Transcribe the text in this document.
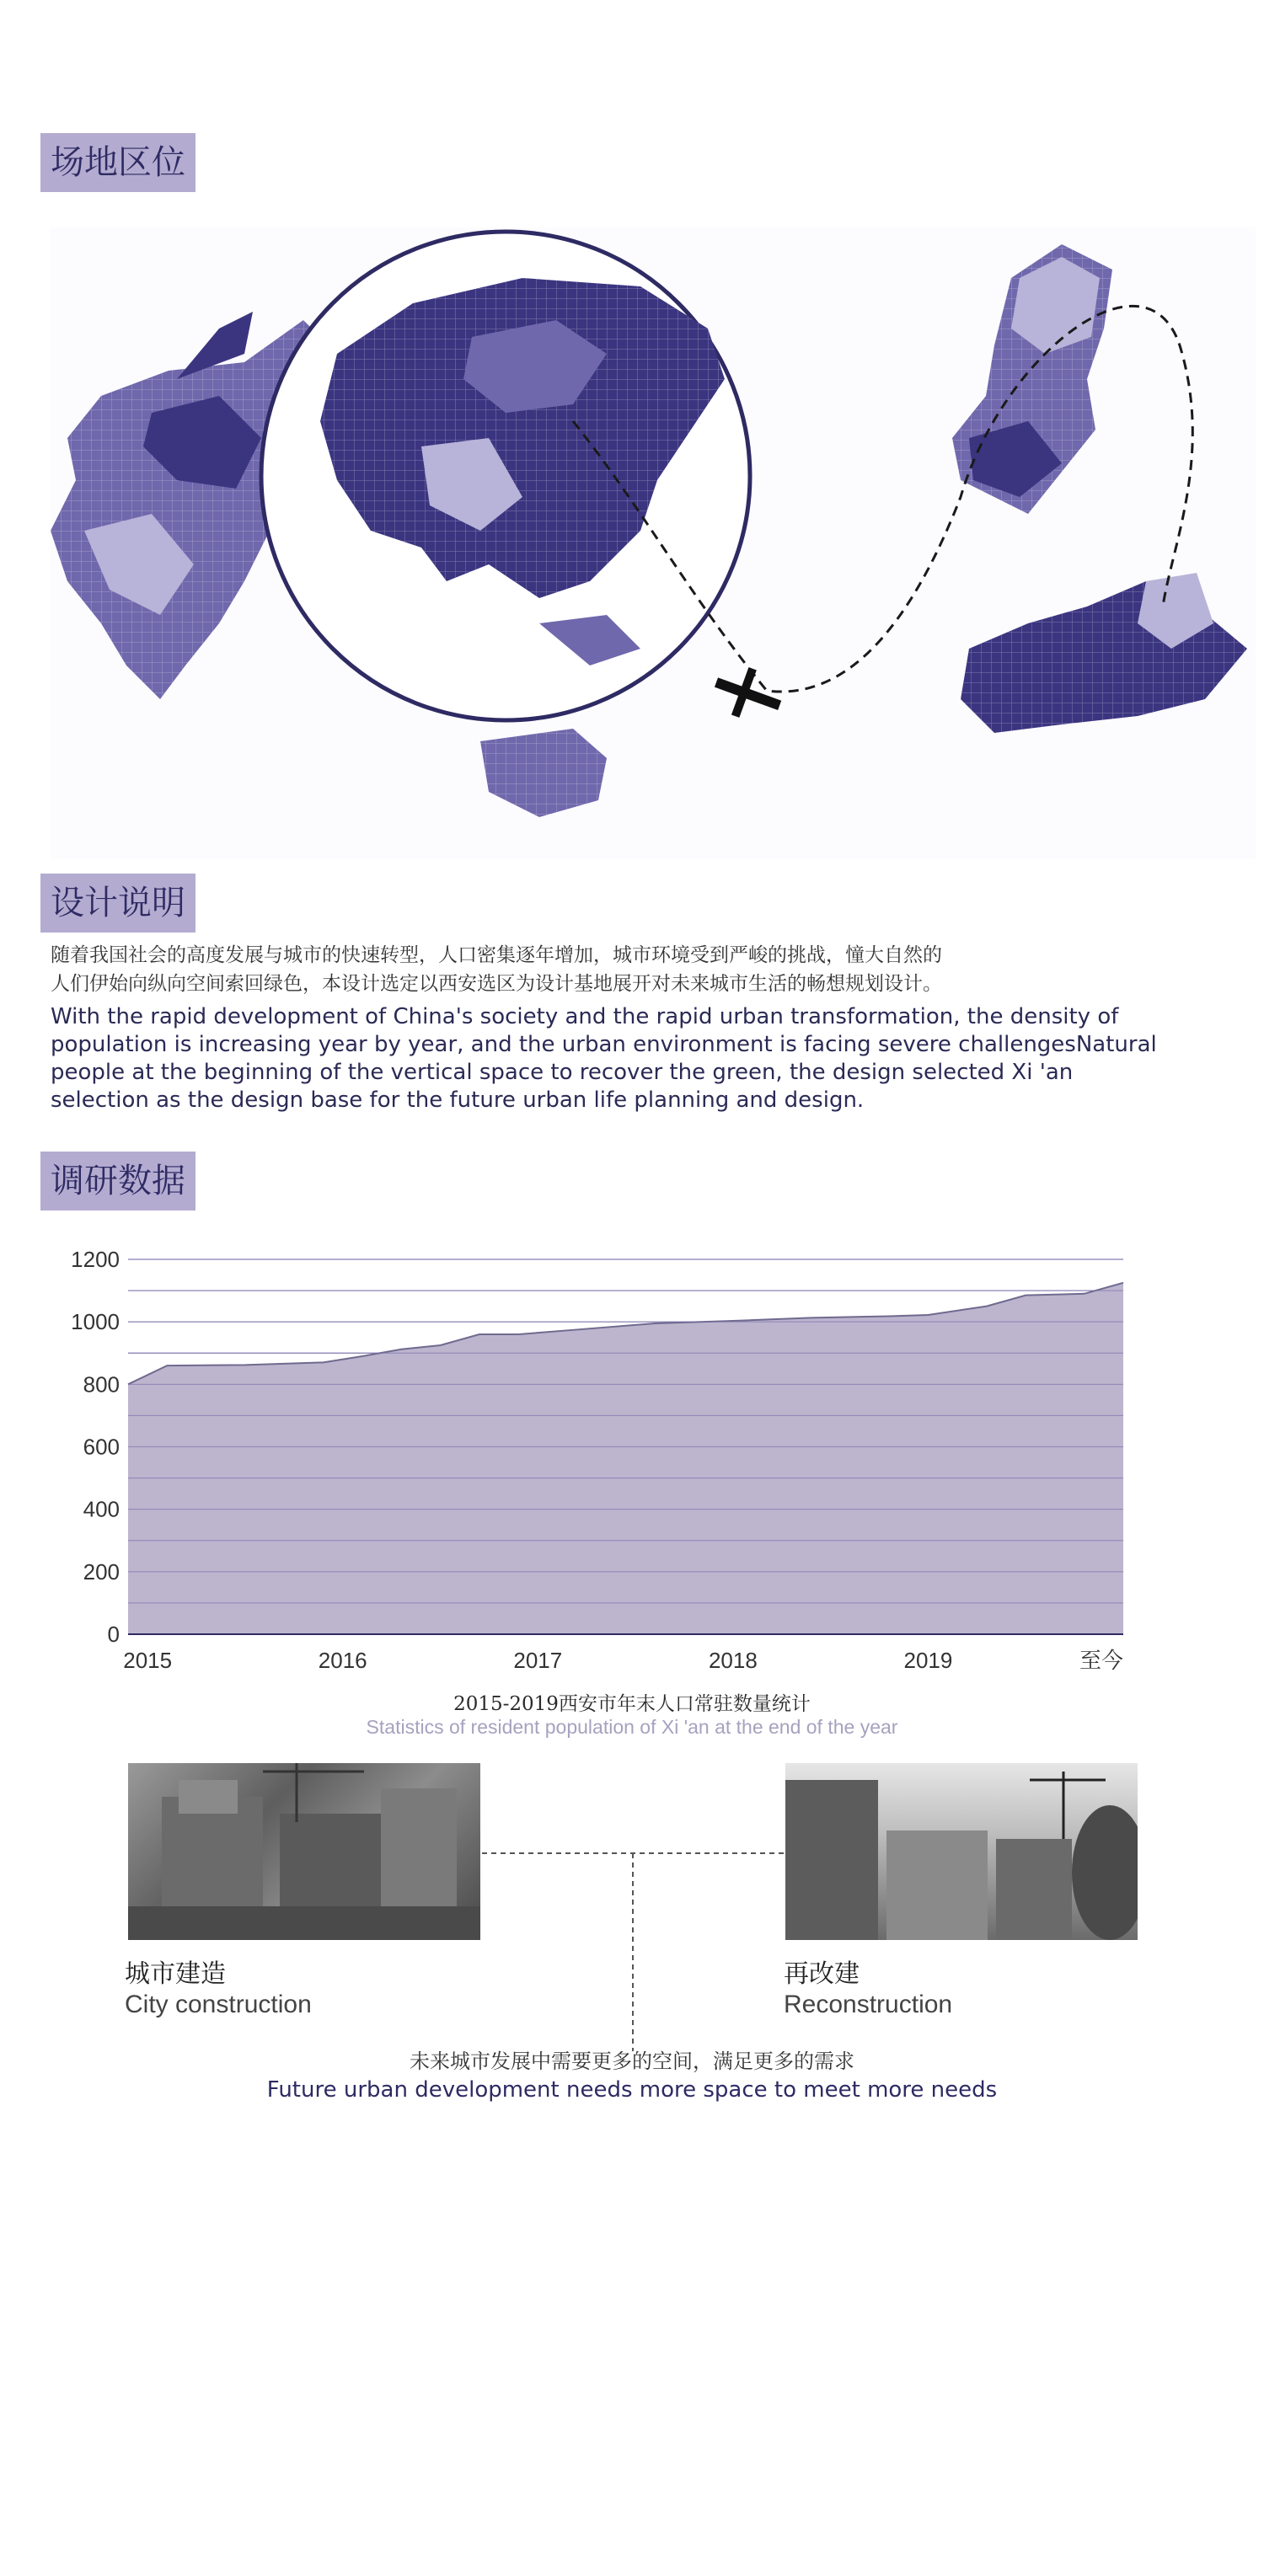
场地区位
设计说明

随着我国社会的高度发展与城市的快速转型，人口密集逐年增加，城市环境受到严峻的挑战，憧大自然的

人们伊始向纵向空间索回绿色，本设计选定以西安选区为设计基地展开对未来城市生活的畅想规划设计。

With the rapid development of China's society and the rapid urban transformation, the density of

population is increasing year by year, and the urban environment is facing severe challengesNatural

people at the beginning of the vertical space to recover the green, the design selected Xi 'an

selection as the design base for the future urban life planning and design.

调研数据
0
200
400
600
800
1000
1200
2015	2016	2017	2018	2019	至今
2015-2019西安市年末人口常驻数量统计
Statistics of resident population of Xi 'an at the end of the year
城市建造
City construction
再改建
Reconstruction
未来城市发展中需要更多的空间，满足更多的需求
Future urban development needs more space to meet more needs
